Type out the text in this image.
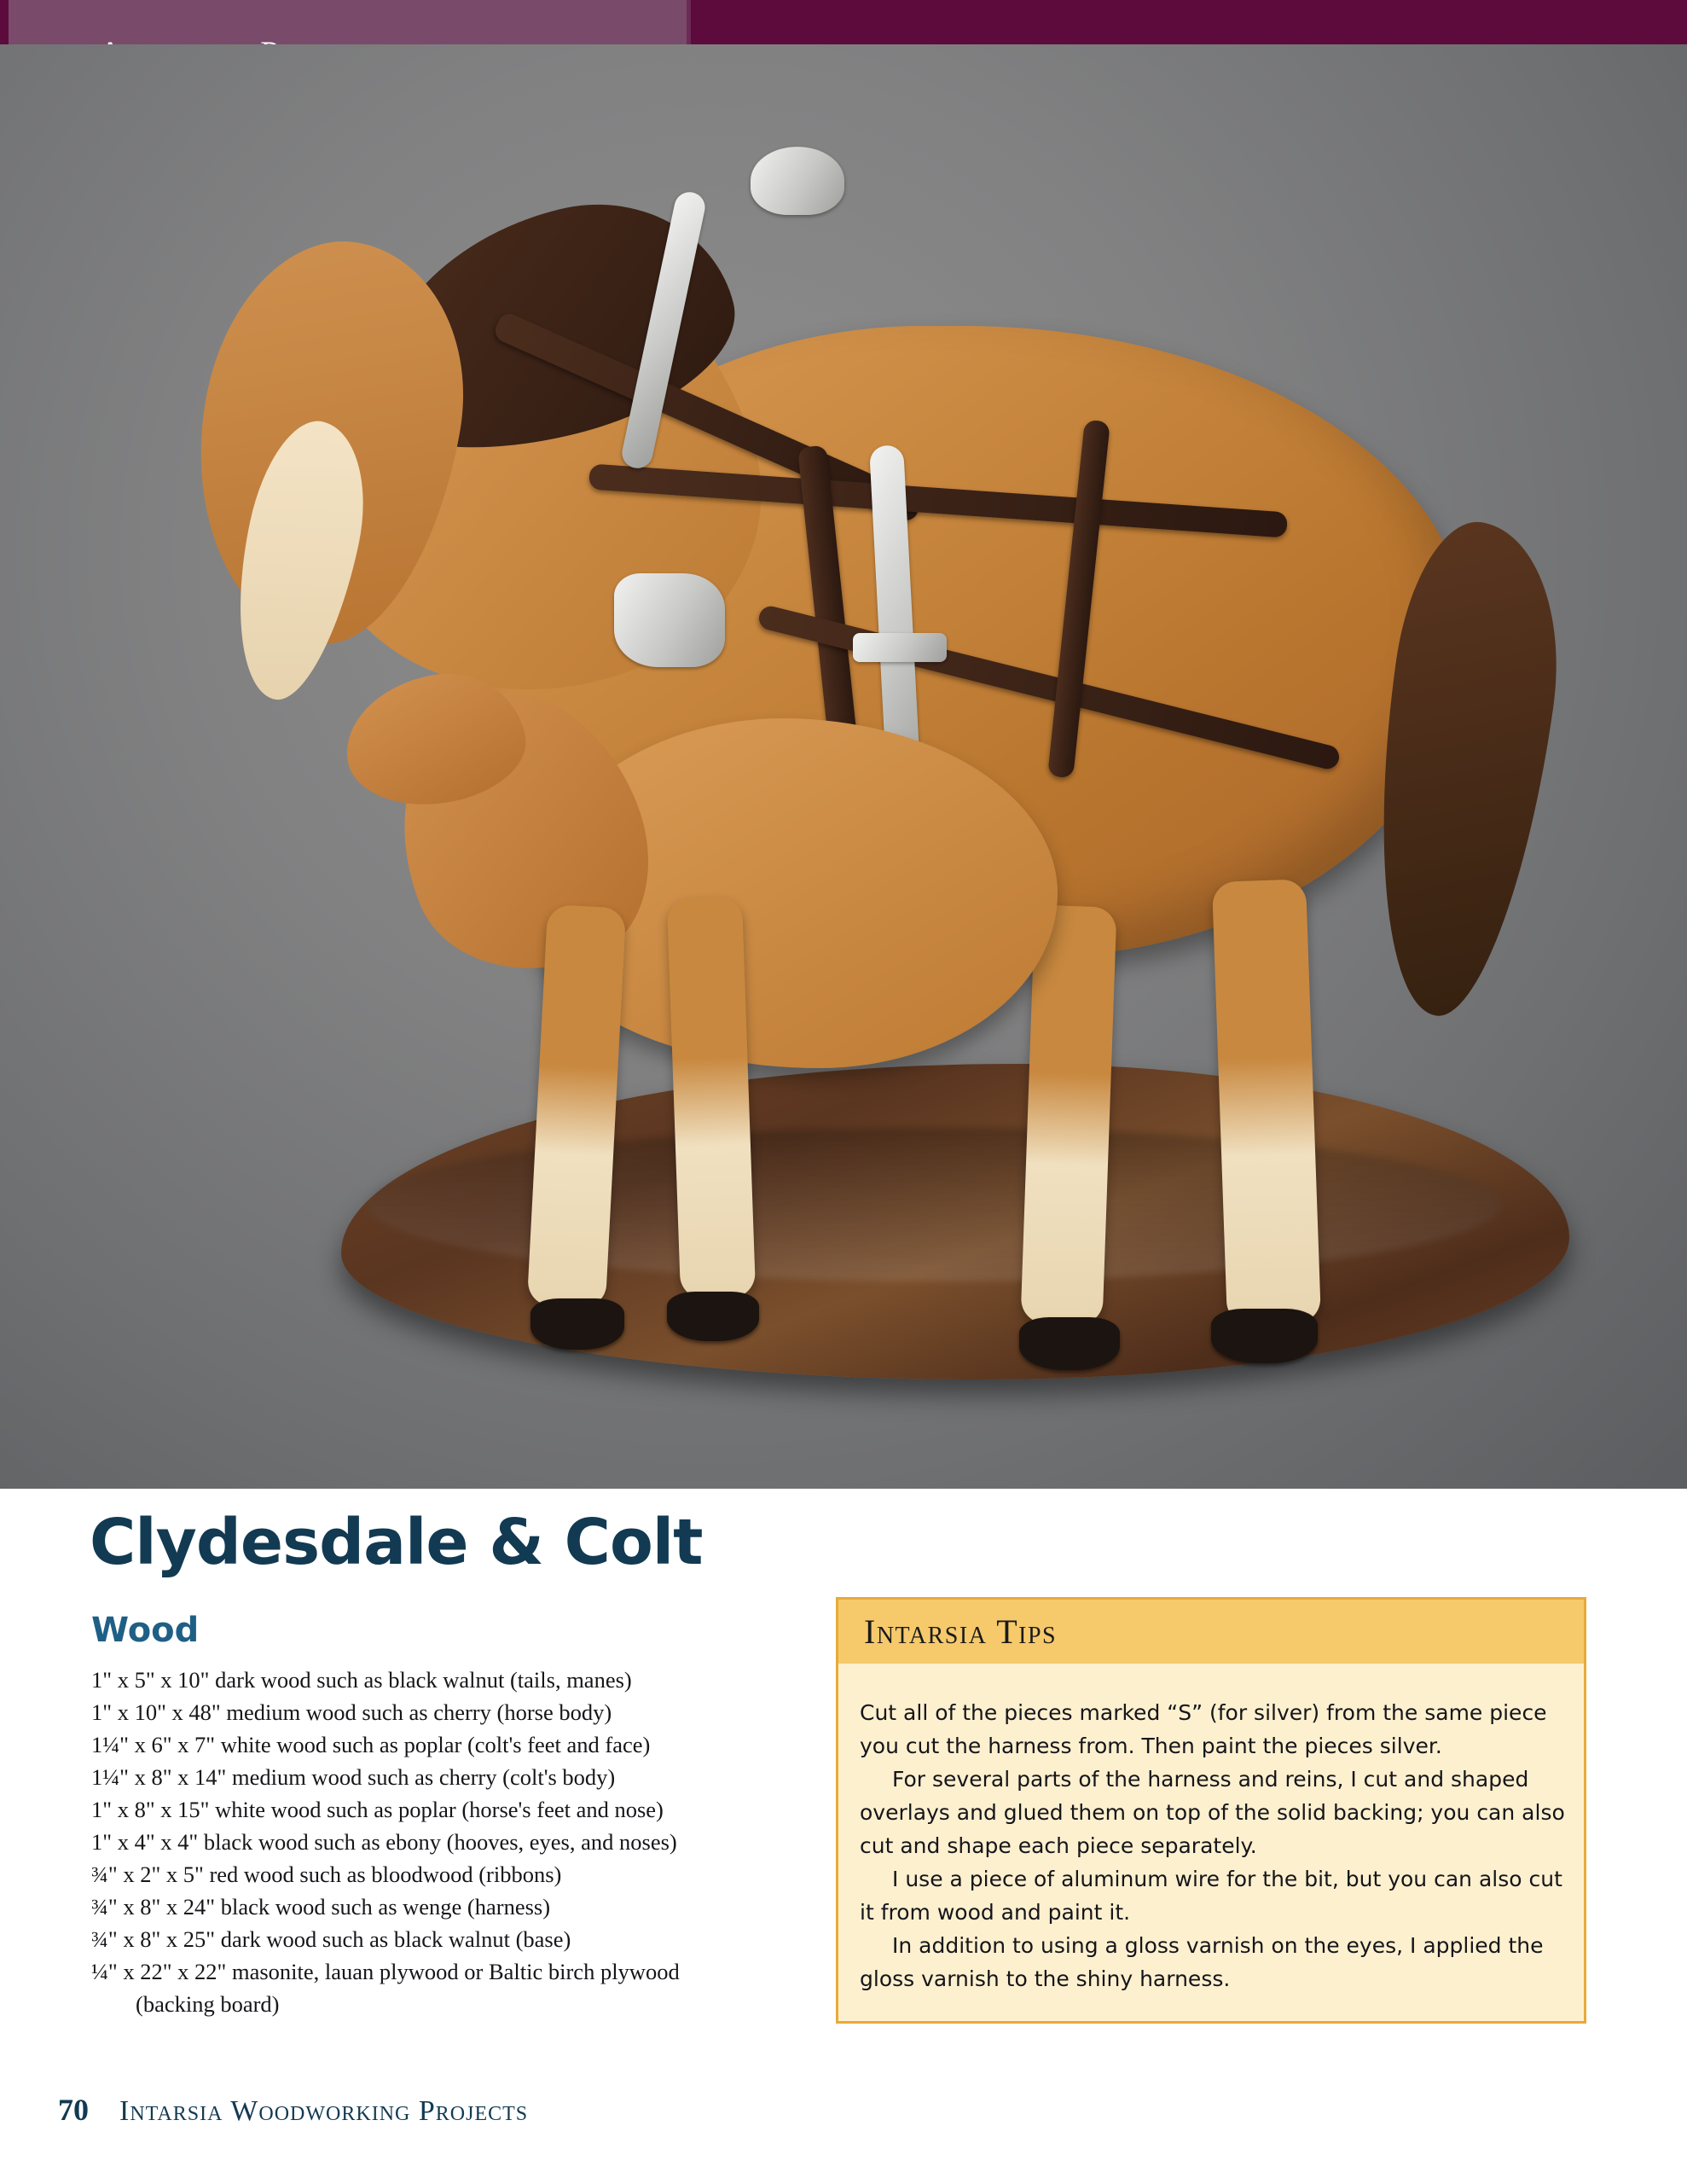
Clydesdale & Colt
Wood
1" x 5" x 10" dark wood such as black walnut (tails, manes)
1" x 10" x 48" medium wood such as cherry (horse body)
1¼" x 6" x 7" white wood such as poplar (colt's feet and face)
1¼" x 8" x 14" medium wood such as cherry (colt's body)
1" x 8" x 15" white wood such as poplar (horse's feet and nose)
1" x 4" x 4" black wood such as ebony (hooves, eyes, and noses)
¾" x 2" x 5" red wood such as bloodwood (ribbons)
¾" x 8" x 24" black wood such as wenge (harness)
¾" x 8" x 25" dark wood such as black walnut (base)
¼" x 22" x 22" masonite, lauan plywood or Baltic birch plywood
(backing board)
Intarsia Tips

Cut all of the pieces marked “S” (for silver) from the same piece you cut the harness from. Then paint the pieces silver.

For several parts of the harness and reins, I cut and shaped overlays and glued them on top of the solid backing; you can also cut and shape each piece separately.

I use a piece of aluminum wire for the bit, but you can also cut it from wood and paint it.

In addition to using a gloss varnish on the eyes, I applied the gloss varnish to the shiny harness.

70 Intarsia Woodworking Projects
